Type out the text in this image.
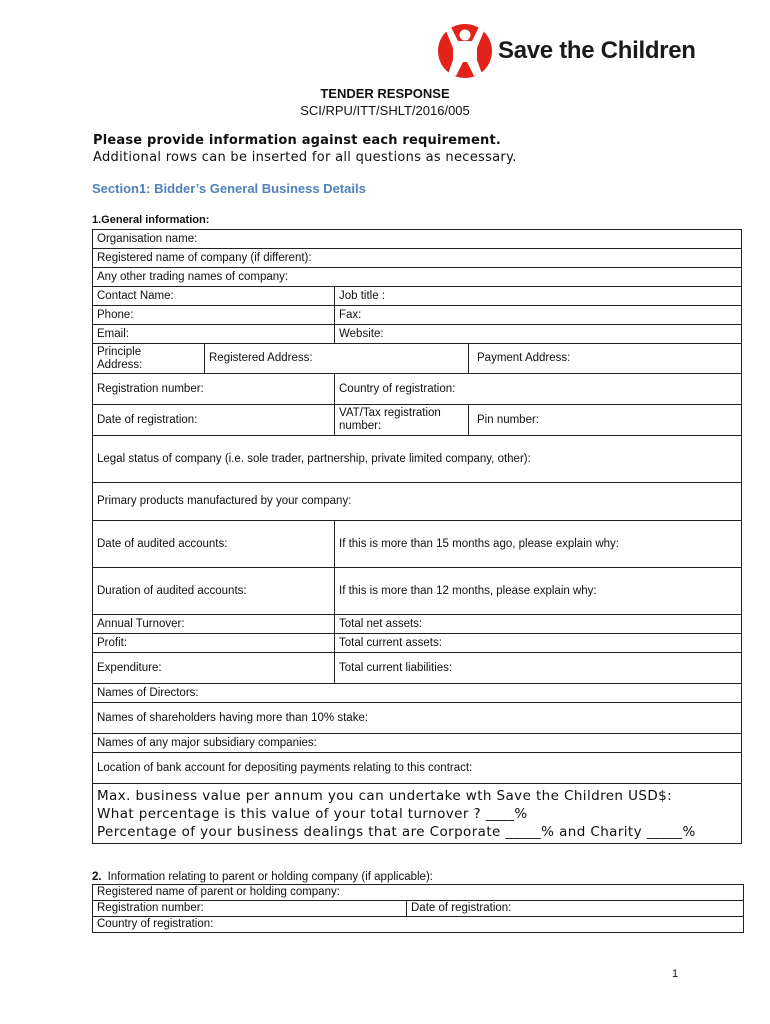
Save the Children
TENDER RESPONSE
SCI/RPU/ITT/SHLT/2016/005
Please provide information against each requirement.
Additional rows can be inserted for all questions as necessary.
Section1: Bidder’s General Business Details
1.General information:
Organisation name:			
Registered name of company (if different):			
Any other trading names of company:			
Contact Name:		Job title :	
Phone:		Fax:	
Email:		Website:	
Principle Address:	Registered Address:		Payment Address:
Registration number:		Country of registration:	
Date of registration:		VAT/Tax registration number:	Pin number:
Legal status of company (i.e. sole trader, partnership, private limited company, other):			
Primary products manufactured by your company:			
Date of audited accounts:		If this is more than 15 months ago, please explain why:	
Duration of audited accounts:		If this is more than 12 months, please explain why:	
Annual Turnover:		Total net assets:	
Profit:		Total current assets:	
Expenditure:		Total current liabilities:	
Names of Directors:			
Names of shareholders having more than 10% stake:			
Names of any major subsidiary companies:			
Location of bank account for depositing payments relating to this contract:			

Max. business value per annum you can undertake wth Save the Children USD$:
What percentage is this value of your total turnover ? ____%
Percentage of your business dealings that are Corporate _____% and Charity _____%			
2. Information relating to parent or holding company (if applicable):
Registered name of parent or holding company:
Registration number:	Date of registration:
Country of registration:
1
